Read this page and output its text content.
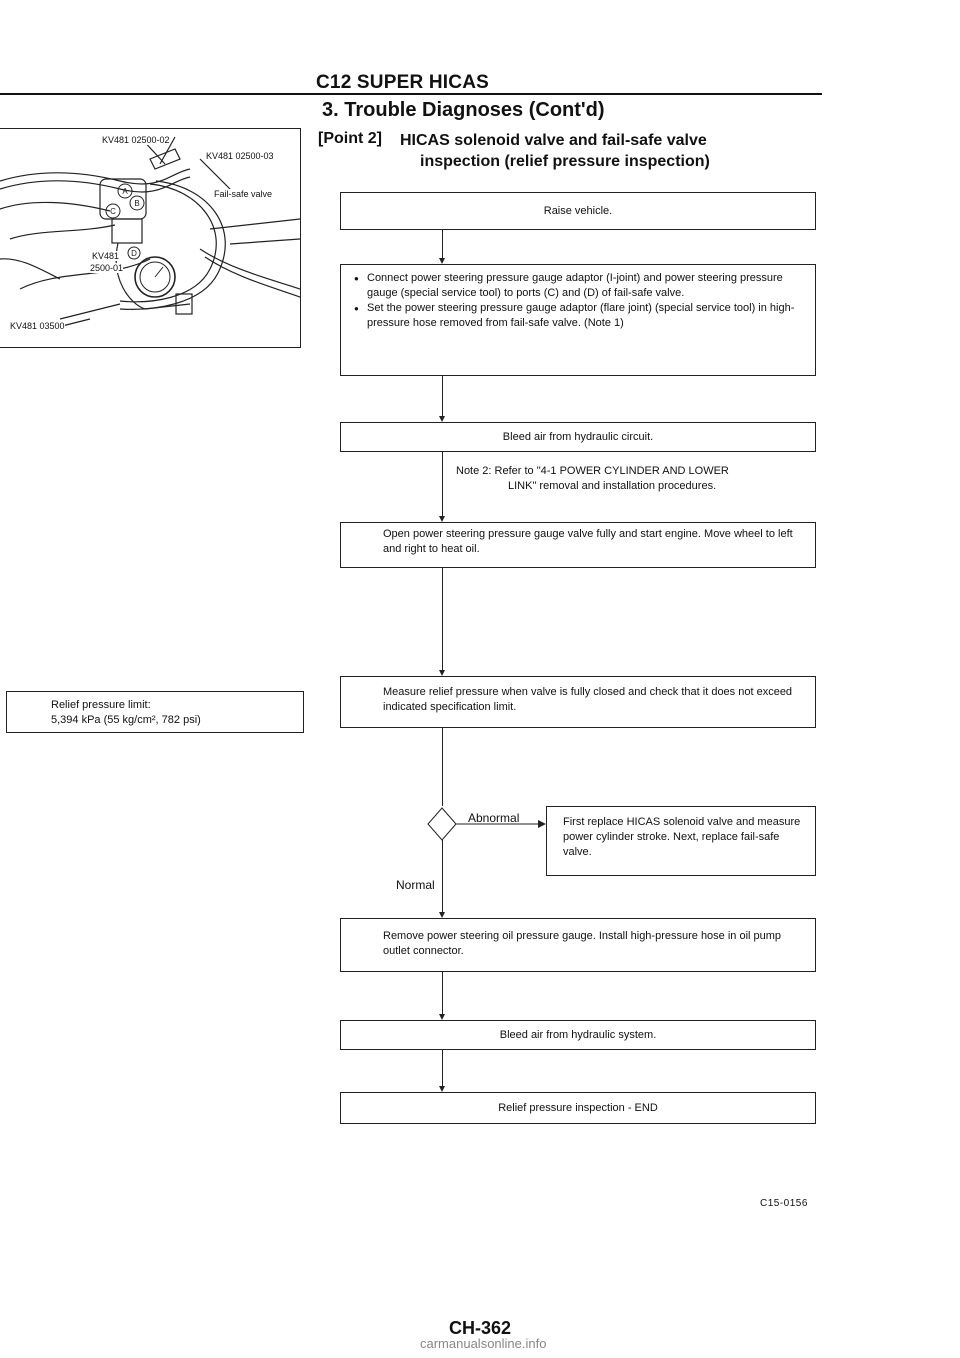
C12 SUPER HICAS
3. Trouble Diagnoses (Cont'd)
[Point 2] HICAS solenoid valve and fail-safe valve
inspection (relief pressure inspection)
C
A
B
D
KV481 02500-02
KV481 02500-03
Fail-safe valve
KV481
2500-01
KV481 03500
Relief pressure limit:
5,394 kPa (55 kg/cm², 782 psi)
Raise vehicle.
● Connect power steering pressure gauge adaptor (I-joint) and power steering pressure gauge (special service tool) to ports (C) and (D) of fail-safe valve.
● Set the power steering pressure gauge adaptor (flare joint) (special service tool) in high-pressure hose removed from fail-safe valve. (Note 1)
Bleed air from hydraulic circuit.
Note 2: Refer to "4-1 POWER CYLINDER AND LOWER
LINK" removal and installation procedures.
Open power steering pressure gauge valve fully and start engine. Move wheel to left and right to heat oil.
Measure relief pressure when valve is fully closed and check that it does not exceed indicated specification limit.
Abnormal	First replace HICAS solenoid valve and measure power cylinder stroke. Next, replace fail-safe valve.
Normal
Remove power steering oil pressure gauge. Install high-pressure hose in oil pump outlet connector.
Bleed air from hydraulic system.
Relief pressure inspection - END
C15-0156
CH-362
carmanualsonline.info
